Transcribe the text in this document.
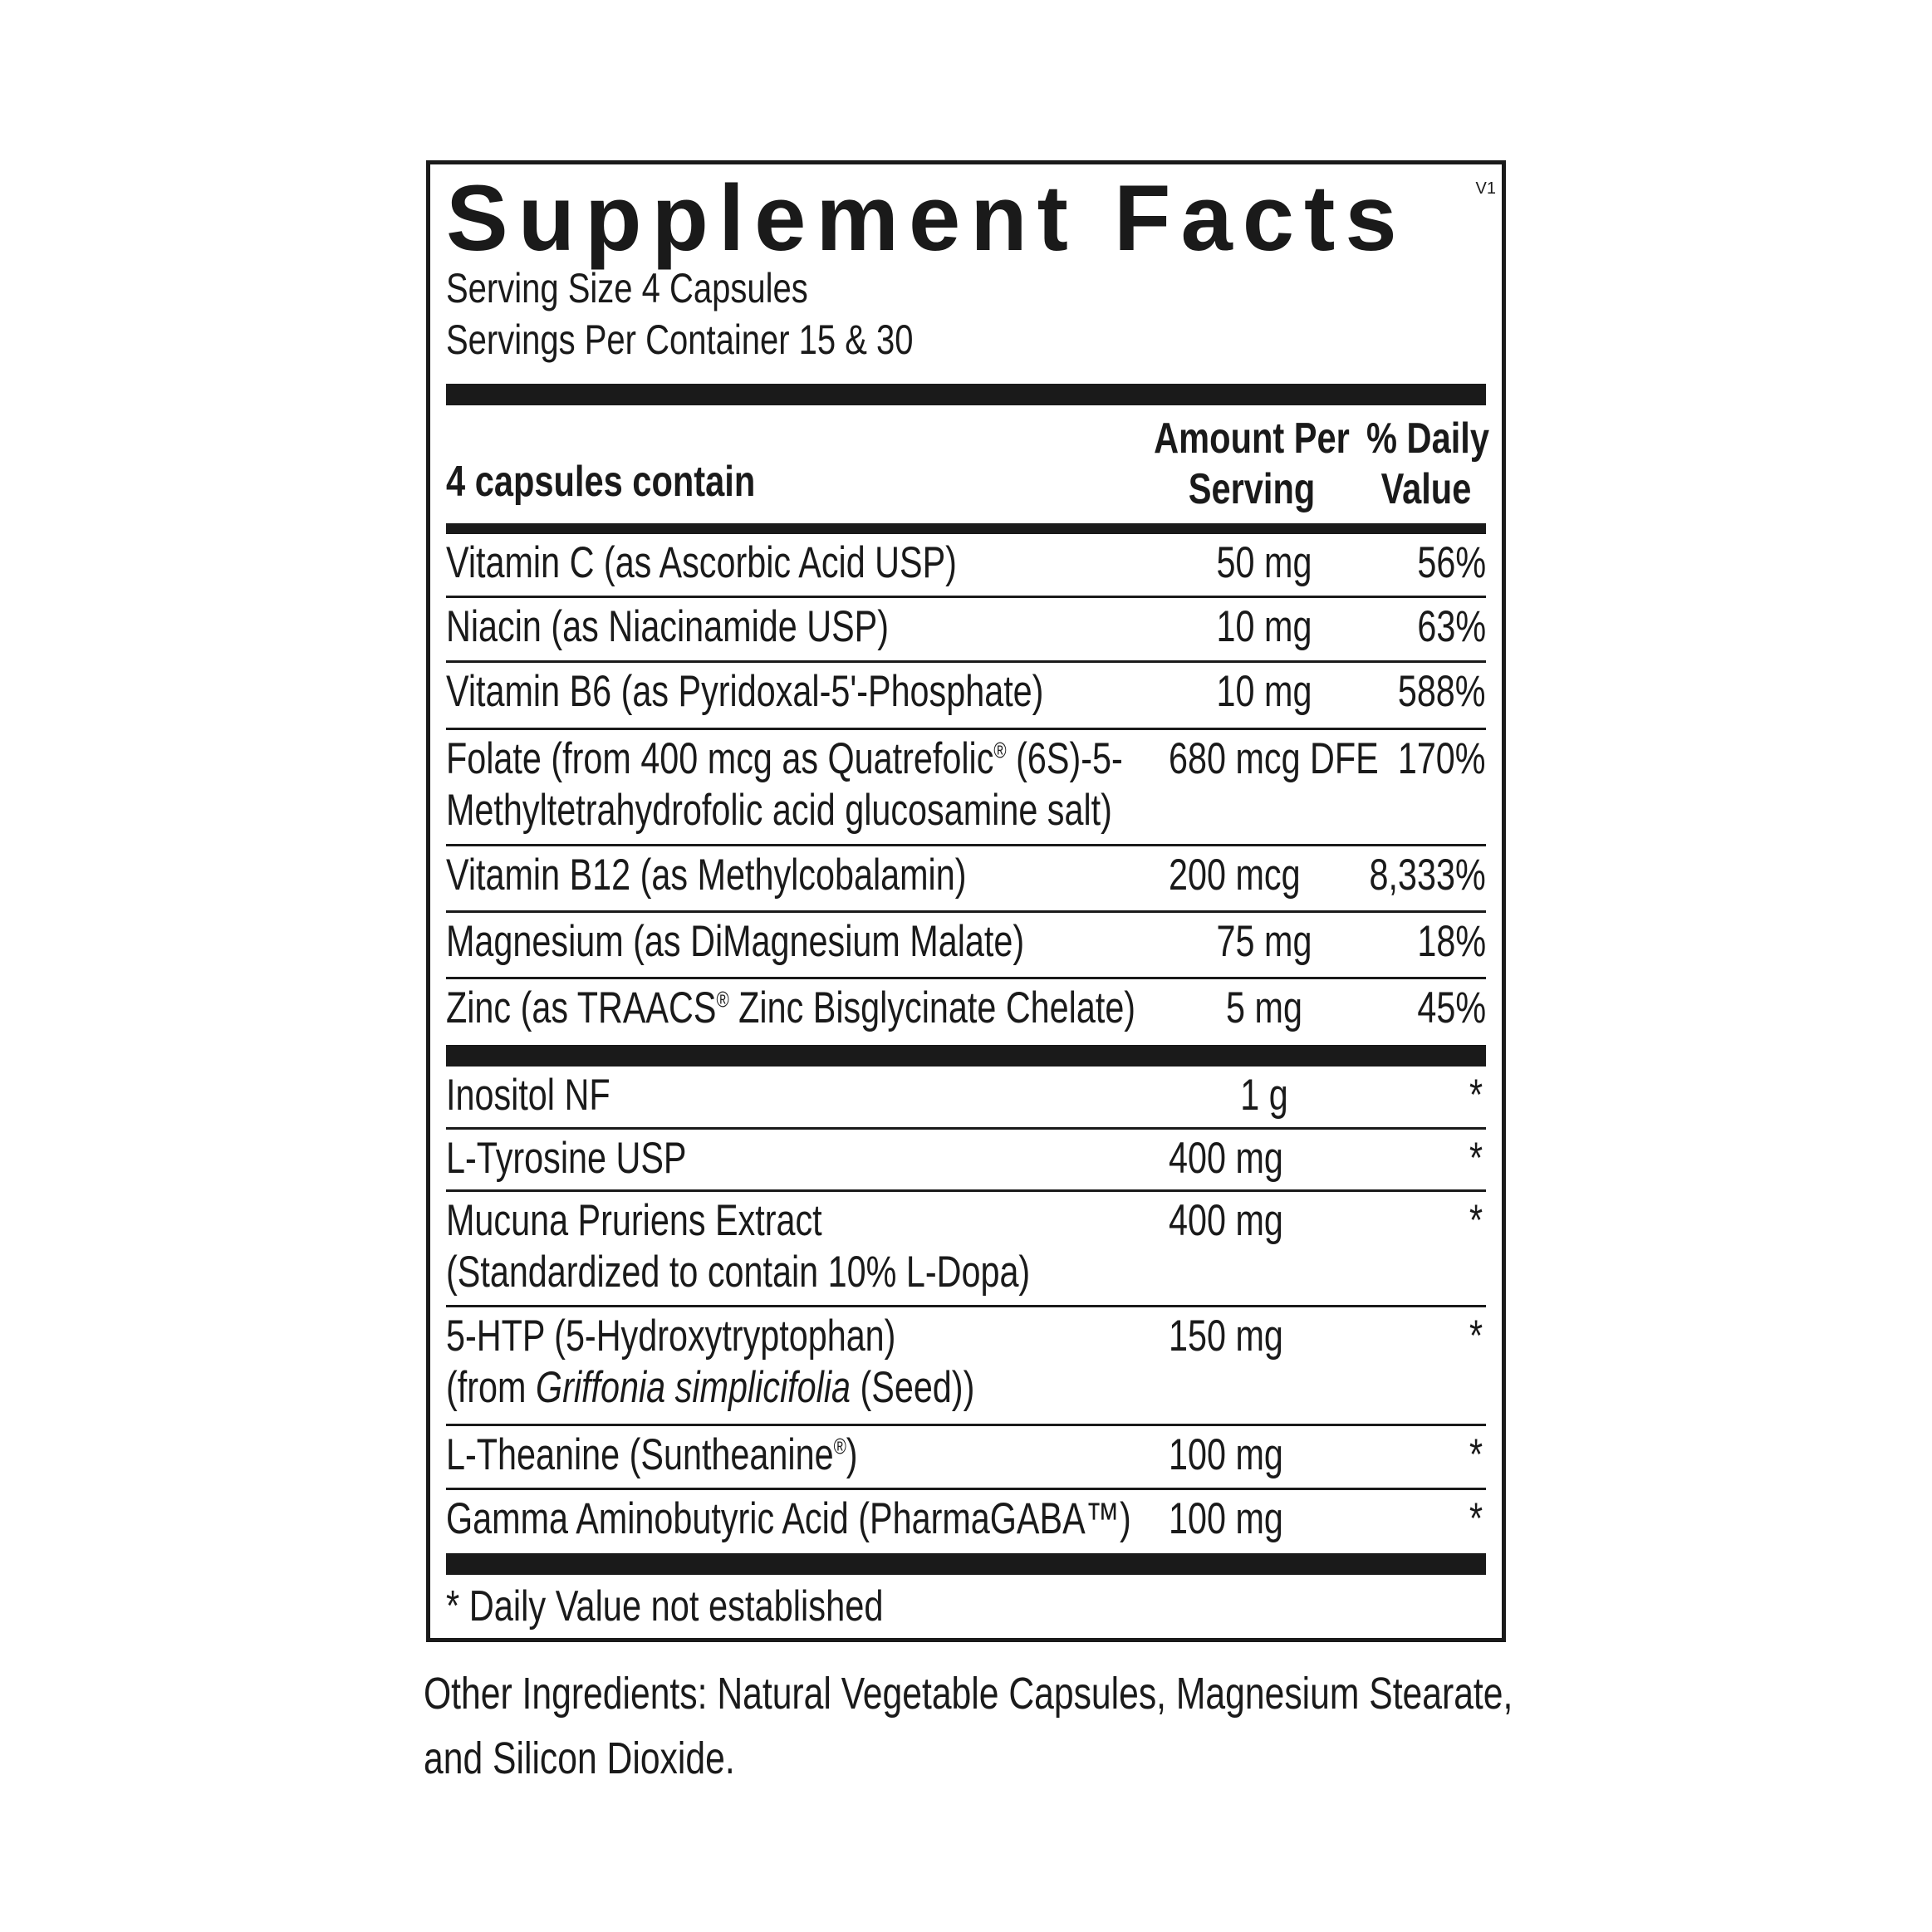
Supplement Facts	V1
Serving Size 4 Capsules
Servings Per Container 15 & 30
4 capsules contain
Amount Per
Serving
% Daily
Value
Vitamin C (as Ascorbic Acid USP)	50 mg	56%
Niacin (as Niacinamide USP)	10 mg	63%
Vitamin B6 (as Pyridoxal-5'-Phosphate)	10 mg	588%
Folate (from 400 mcg as Quatrefolic® (6S)-5-
Methyltetrahydrofolic acid glucosamine salt)
680 mcg DFE 170%
Vitamin B12 (as Methylcobalamin)	200 mcg 8,333%
Magnesium (as DiMagnesium Malate)	75 mg	18%
Zinc (as TRAACS® Zinc Bisglycinate Chelate)	5 mg	45%
Inositol NF	1 g	*
L-Tyrosine USP	400 mg	*
Mucuna Pruriens Extract
(Standardized to contain 10% L-Dopa)
400 mg	*
5-HTP (5-Hydroxytryptophan)
(from Griffonia simplicifolia (Seed))
150 mg	*
L-Theanine (Suntheanine®)	100 mg	*
Gamma Aminobutyric Acid (PharmaGABA™) 100 mg	*
* Daily Value not established
Other Ingredients: Natural Vegetable Capsules, Magnesium Stearate,
and Silicon Dioxide.
